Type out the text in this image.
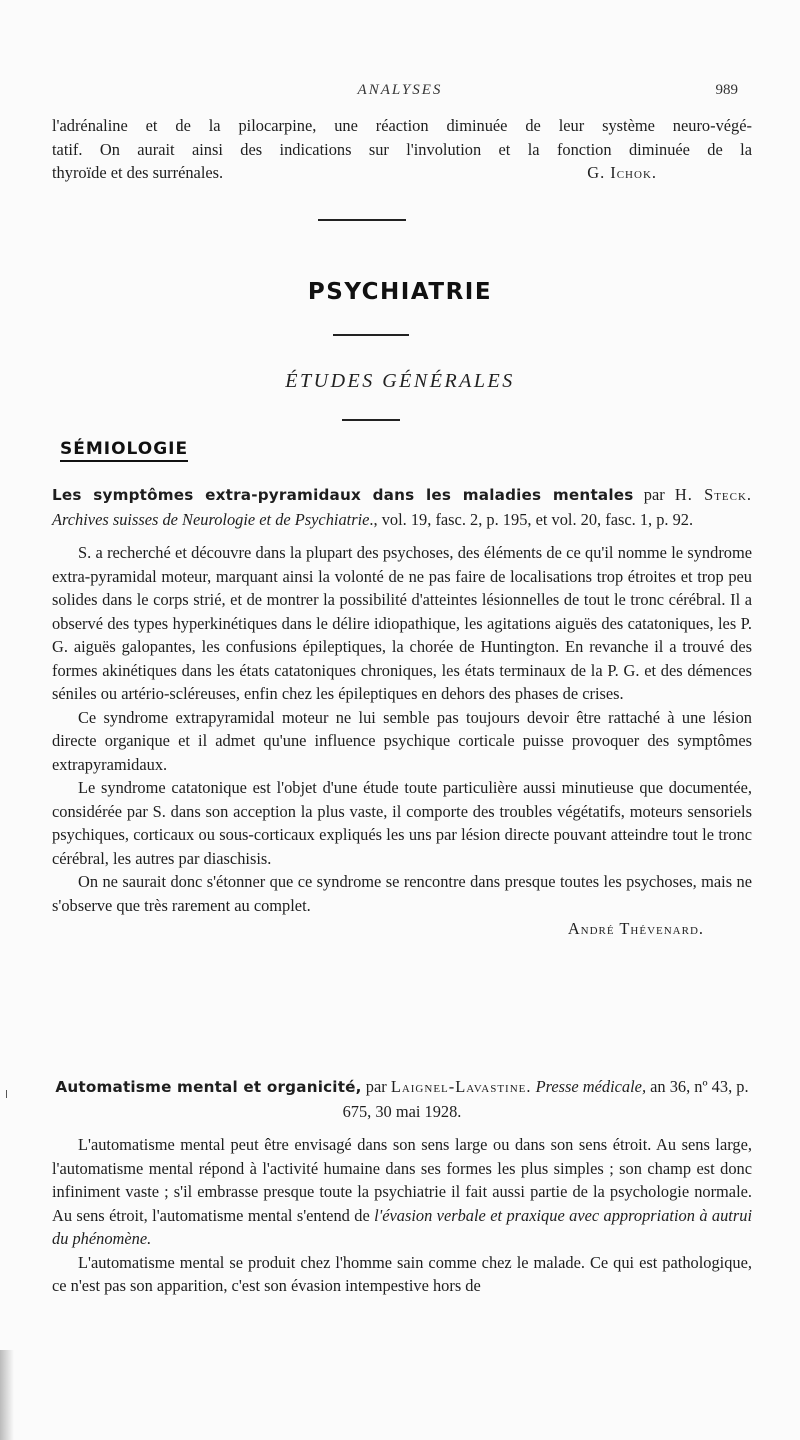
ANALYSES	989
l'adrénaline et de la pilocarpine, une réaction diminuée de leur système neuro-végé-
tatif. On aurait ainsi des indications sur l'involution et la fonction diminuée de la
thyroïde et des surrénales.	G. Ichok.
PSYCHIATRIE
ÉTUDES GÉNÉRALES
SÉMIOLOGIE

Les symptômes extra-pyramidaux dans les maladies mentales par H. Steck. Archives suisses de Neurologie et de Psychiatrie., vol. 19, fasc. 2, p. 195, et vol. 20, fasc. 1, p. 92.

S. a recherché et découvre dans la plupart des psychoses, des éléments de ce qu'il nomme le syndrome extra-pyramidal moteur, marquant ainsi la volonté de ne pas faire de localisations trop étroites et trop peu solides dans le corps strié, et de montrer la possibilité d'atteintes lésionnelles de tout le tronc cérébral. Il a observé des types hyperkinétiques dans le délire idiopathique, les agitations aiguës des catatoniques, les P. G. aiguës galopantes, les confusions épileptiques, la chorée de Huntington. En revanche il a trouvé des formes akinétiques dans les états catatoniques chroniques, les états terminaux de la P. G. et des démences séniles ou artério-scléreuses, enfin chez les épileptiques en dehors des phases de crises.

Ce syndrome extrapyramidal moteur ne lui semble pas toujours devoir être rattaché à une lésion directe organique et il admet qu'une influence psychique corticale puisse provoquer des symptômes extrapyramidaux.

Le syndrome catatonique est l'objet d'une étude toute particulière aussi minutieuse que documentée, considérée par S. dans son acception la plus vaste, il comporte des troubles végétatifs, moteurs sensoriels psychiques, corticaux ou sous-corticaux expliqués les uns par lésion directe pouvant atteindre tout le tronc cérébral, les autres par diaschisis.

On ne saurait donc s'étonner que ce syndrome se rencontre dans presque toutes les psychoses, mais ne s'observe que très rarement au complet.

André Thévenard.

Automatisme mental et organicité, par Laignel-Lavastine. Presse médicale, an 36, nº 43, p. 675, 30 mai 1928.

L'automatisme mental peut être envisagé dans son sens large ou dans son sens étroit. Au sens large, l'automatisme mental répond à l'activité humaine dans ses formes les plus simples ; son champ est donc infiniment vaste ; s'il embrasse presque toute la psychiatrie il fait aussi partie de la psychologie normale. Au sens étroit, l'automatisme mental s'entend de l'évasion verbale et praxique avec appropriation à autrui du phénomène.

L'automatisme mental se produit chez l'homme sain comme chez le malade. Ce qui est pathologique, ce n'est pas son apparition, c'est son évasion intempestive hors de
